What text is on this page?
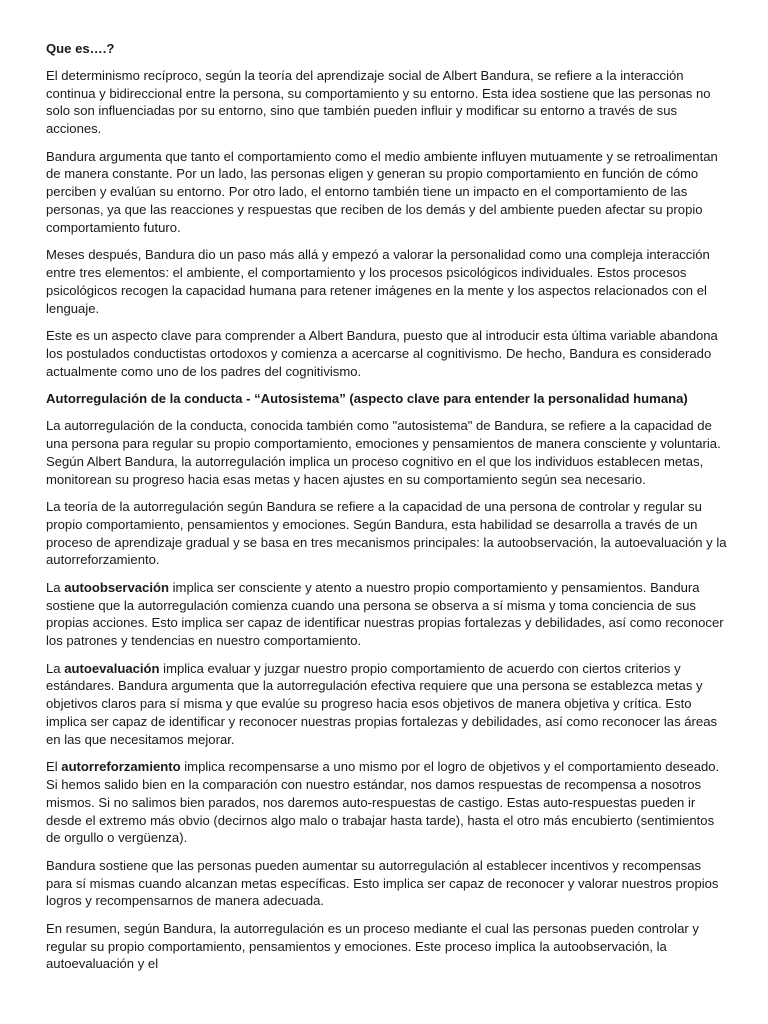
Que es….?

El determinismo recíproco, según la teoría del aprendizaje social de Albert Bandura, se refiere a la interacción continua y bidireccional entre la persona, su comportamiento y su entorno. Esta idea sostiene que las personas no solo son influenciadas por su entorno, sino que también pueden influir y modificar su entorno a través de sus acciones.

Bandura argumenta que tanto el comportamiento como el medio ambiente influyen mutuamente y se retroalimentan de manera constante. Por un lado, las personas eligen y generan su propio comportamiento en función de cómo perciben y evalúan su entorno. Por otro lado, el entorno también tiene un impacto en el comportamiento de las personas, ya que las reacciones y respuestas que reciben de los demás y del ambiente pueden afectar su propio comportamiento futuro.

Meses después, Bandura dio un paso más allá y empezó a valorar la personalidad como una compleja interacción entre tres elementos: el ambiente, el comportamiento y los procesos psicológicos individuales. Estos procesos psicológicos recogen la capacidad humana para retener imágenes en la mente y los aspectos relacionados con el lenguaje.

Este es un aspecto clave para comprender a Albert Bandura, puesto que al introducir esta última variable abandona los postulados conductistas ortodoxos y comienza a acercarse al cognitivismo. De hecho, Bandura es considerado actualmente como uno de los padres del cognitivismo.

Autorregulación de la conducta - “Autosistema” (aspecto clave para entender la personalidad humana)

La autorregulación de la conducta, conocida también como "autosistema" de Bandura, se refiere a la capacidad de una persona para regular su propio comportamiento, emociones y pensamientos de manera consciente y voluntaria. Según Albert Bandura, la autorregulación implica un proceso cognitivo en el que los individuos establecen metas, monitorean su progreso hacia esas metas y hacen ajustes en su comportamiento según sea necesario.

La teoría de la autorregulación según Bandura se refiere a la capacidad de una persona de controlar y regular su propio comportamiento, pensamientos y emociones. Según Bandura, esta habilidad se desarrolla a través de un proceso de aprendizaje gradual y se basa en tres mecanismos principales: la autoobservación, la autoevaluación y la autorreforzamiento.

La autoobservación implica ser consciente y atento a nuestro propio comportamiento y pensamientos. Bandura sostiene que la autorregulación comienza cuando una persona se observa a sí misma y toma conciencia de sus propias acciones. Esto implica ser capaz de identificar nuestras propias fortalezas y debilidades, así como reconocer los patrones y tendencias en nuestro comportamiento.

La autoevaluación implica evaluar y juzgar nuestro propio comportamiento de acuerdo con ciertos criterios y estándares. Bandura argumenta que la autorregulación efectiva requiere que una persona se establezca metas y objetivos claros para sí misma y que evalúe su progreso hacia esos objetivos de manera objetiva y crítica. Esto implica ser capaz de identificar y reconocer nuestras propias fortalezas y debilidades, así como reconocer las áreas en las que necesitamos mejorar.

El autorreforzamiento implica recompensarse a uno mismo por el logro de objetivos y el comportamiento deseado. Si hemos salido bien en la comparación con nuestro estándar, nos damos respuestas de recompensa a nosotros mismos. Si no salimos bien parados, nos daremos auto-respuestas de castigo. Estas auto-respuestas pueden ir desde el extremo más obvio (decirnos algo malo o trabajar hasta tarde), hasta el otro más encubierto (sentimientos de orgullo o vergüenza).

Bandura sostiene que las personas pueden aumentar su autorregulación al establecer incentivos y recompensas para sí mismas cuando alcanzan metas específicas. Esto implica ser capaz de reconocer y valorar nuestros propios logros y recompensarnos de manera adecuada.

En resumen, según Bandura, la autorregulación es un proceso mediante el cual las personas pueden controlar y regular su propio comportamiento, pensamientos y emociones. Este proceso implica la autoobservación, la autoevaluación y el
